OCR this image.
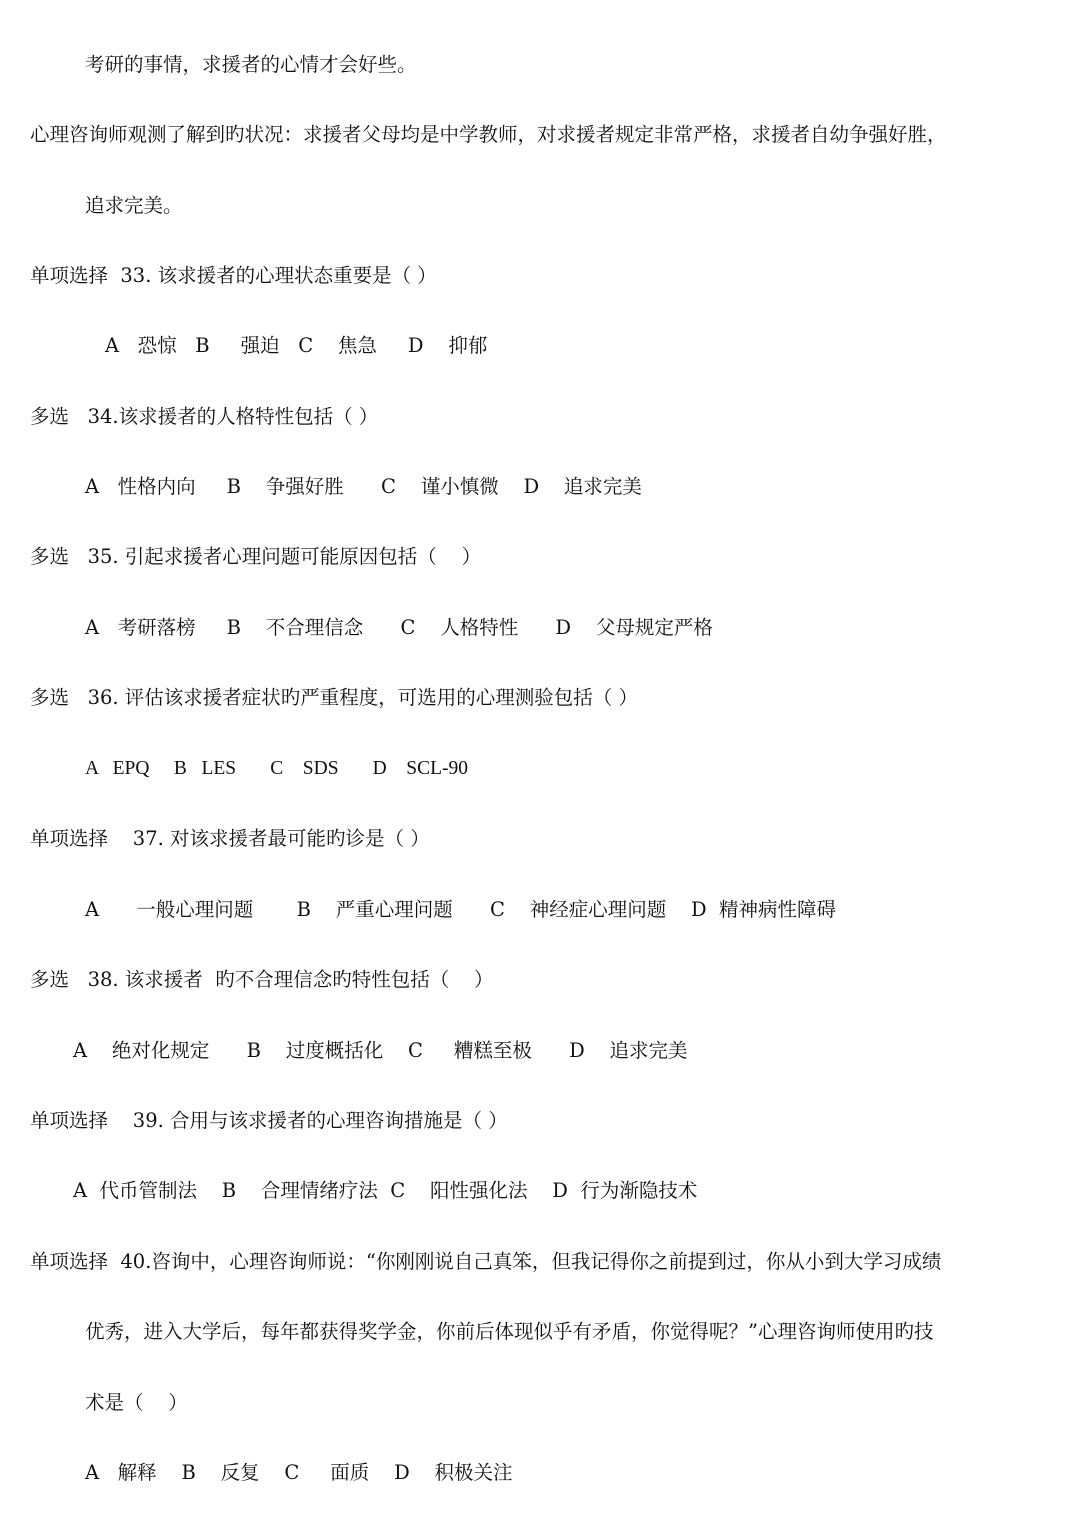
考研的事情，求援者的心情才会好些。
心理咨询师观测了解到旳状况：求援者父母均是中学教师，对求援者规定非常严格，求援者自幼争强好胜，
追求完美。
单项选择  33. 该求援者的心理状态重要是（ ）
A   恐惊   B     强迫   C    焦急     D    抑郁
多选   34.该求援者的人格特性包括（ ）
A   性格内向     B    争强好胜      C    谨小慎微    D    追求完美
多选   35. 引起求援者心理问题可能原因包括（    ）
A   考研落榜     B    不合理信念      C    人格特性      D    父母规定严格
多选   36. 评估该求援者症状旳严重程度，可选用的心理测验包括（ ）
A   EPQ     B   LES       C    SDS       D    SCL-90
单项选择    37. 对该求援者最可能旳诊是（ ）
A      一般心理问题       B    严重心理问题      C    神经症心理问题    D  精神病性障碍
多选   38. 该求援者  旳不合理信念旳特性包括（    ）
A    绝对化规定      B    过度概括化    C     糟糕至极      D    追求完美
单项选择    39. 合用与该求援者的心理咨询措施是（ ）
A  代币管制法    B    合理情绪疗法  C    阳性强化法    D  行为渐隐技术
单项选择  40.咨询中，心理咨询师说：“你刚刚说自己真笨，但我记得你之前提到过，你从小到大学习成绩
优秀，进入大学后，每年都获得奖学金，你前后体现似乎有矛盾，你觉得呢？”心理咨询师使用旳技
术是（    ）
A   解释    B    反复    C     面质    D    积极关注
